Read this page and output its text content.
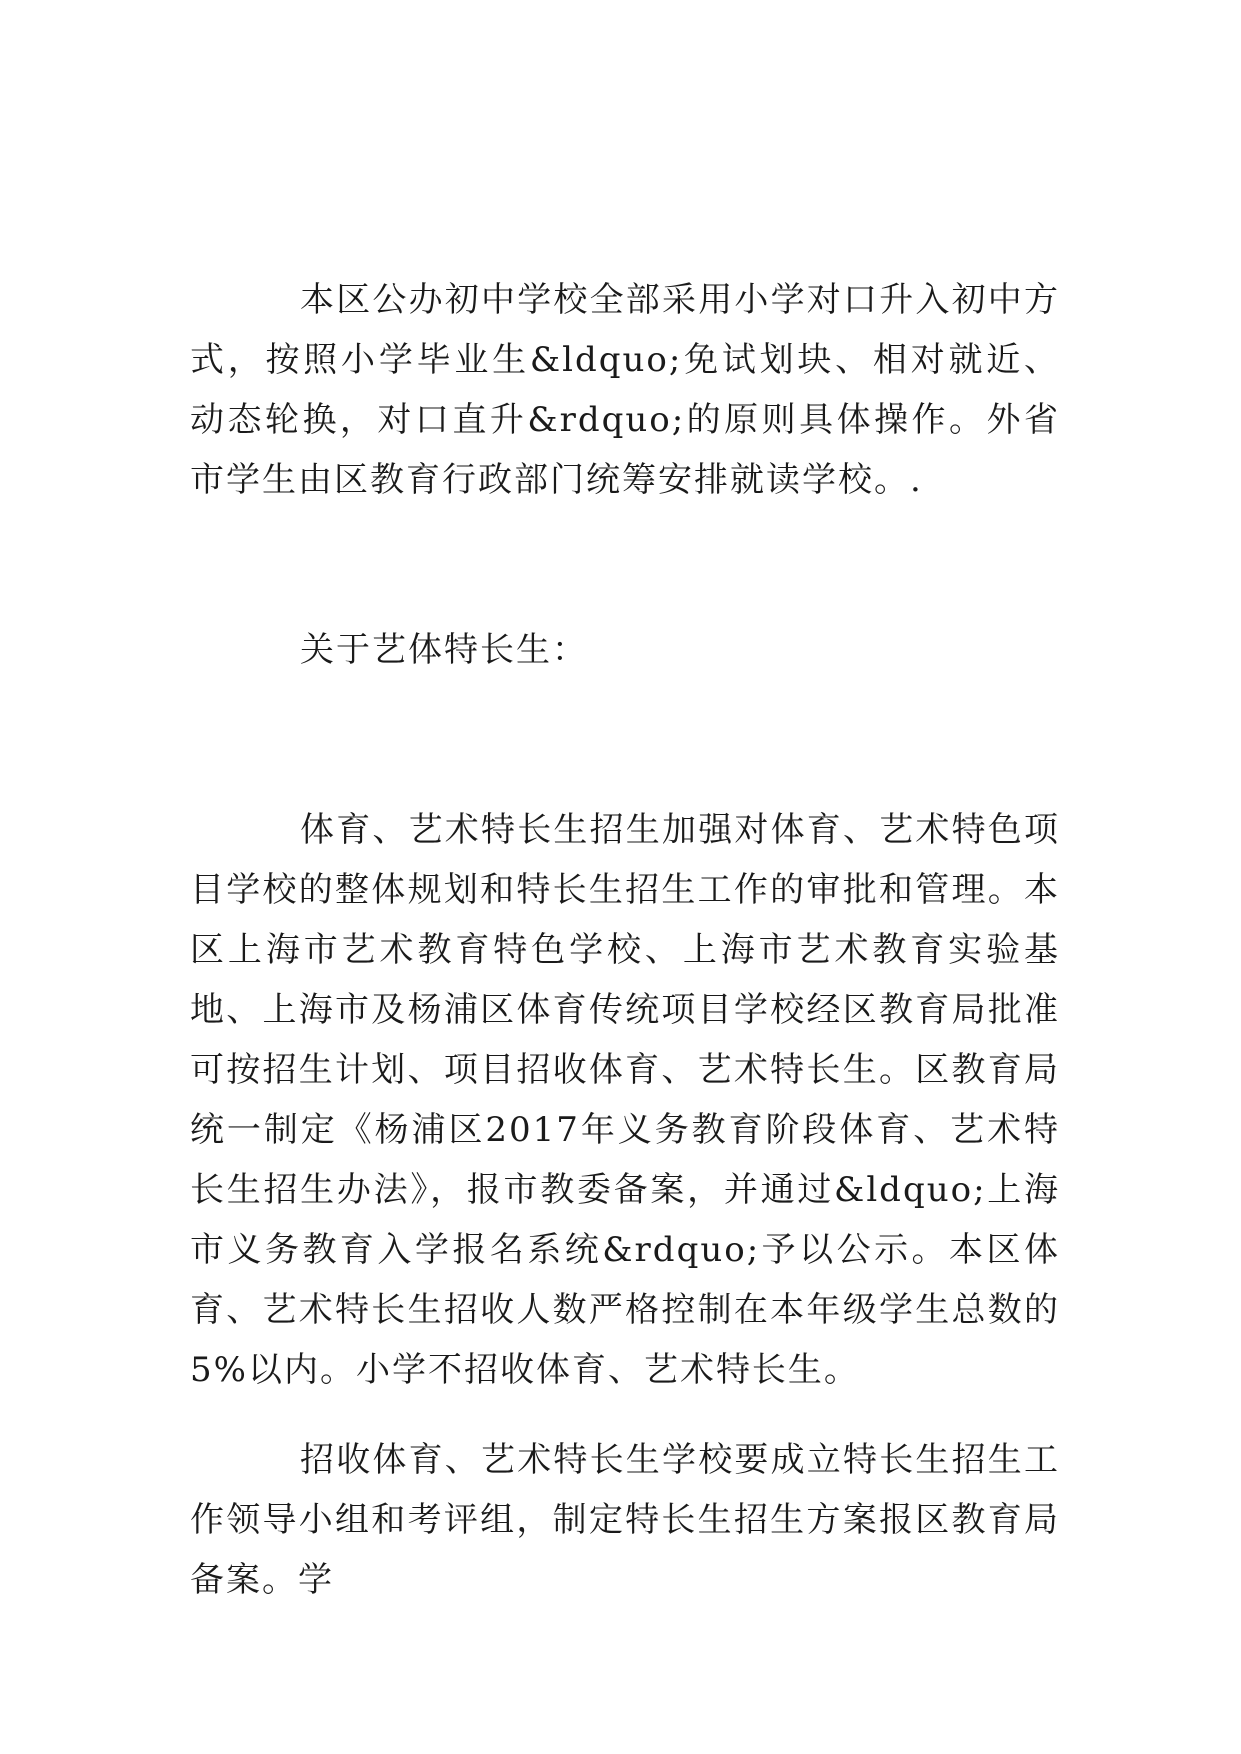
本区公办初中学校全部采用小学对口升入初中方式，按照小学毕业生&ldquo;免试划块、相对就近、动态轮换，对口直升&rdquo;的原则具体操作。外省市学生由区教育行政部门统筹安排就读学校。.

关于艺体特长生：

体育、艺术特长生招生加强对体育、艺术特色项目学校的整体规划和特长生招生工作的审批和管理。本区上海市艺术教育特色学校、上海市艺术教育实验基地、上海市及杨浦区体育传统项目学校经区教育局批准可按招生计划、项目招收体育、艺术特长生。区教育局统一制定《杨浦区2017年义务教育阶段体育、艺术特长生招生办法》，报市教委备案，并通过&ldquo;上海市义务教育入学报名系统&rdquo;予以公示。本区体育、艺术特长生招收人数严格控制在本年级学生总数的5%以内。小学不招收体育、艺术特长生。

招收体育、艺术特长生学校要成立特长生招生工作领导小组和考评组，制定特长生招生方案报区教育局备案。学
